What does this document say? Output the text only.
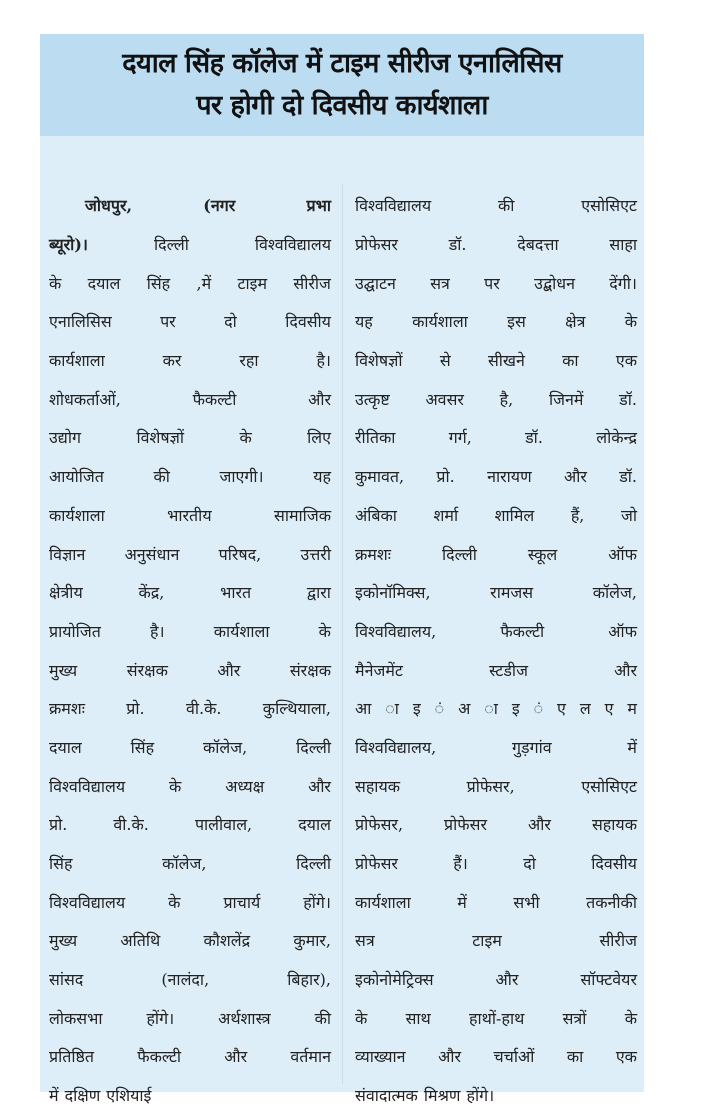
दयाल सिंह कॉलेज में टाइम सीरीज एनालिसिस
पर होगी दो दिवसीय कार्यशाला
जोधपुर,	(नगर	प्रभा
ब्यूरो)।	दिल्ली	विश्वविद्यालय
के दयाल सिंह ,में टाइम सीरीज
एनालिसिस	पर	दो	दिवसीय
कार्यशाला	कर	रहा	है।
शोधकर्ताओं,	फैकल्टी	और
उद्योग	विशेषज्ञों	के	लिए
आयोजित	की	जाएगी।	यह
कार्यशाला	भारतीय	सामाजिक
विज्ञान अनुसंधान परिषद, उत्तरी
क्षेत्रीय	केंद्र,	भारत	द्वारा
प्रायोजित	है।	कार्यशाला	के
मुख्य	संरक्षक	और	संरक्षक
क्रमशः	प्रो.	वी.के.	कुल्थियाला,
दयाल	सिंह	कॉलेज,	दिल्ली
विश्वविद्यालय	के	अध्यक्ष	और
प्रो.	वी.के.	पालीवाल,	दयाल
सिंह	कॉलेज,	दिल्ली
विश्वविद्यालय	के	प्राचार्य	होंगे।
मुख्य	अतिथि	कौशलेंद्र	कुमार,
सांसद	(नालंदा,	बिहार),
लोकसभा	होंगे।	अर्थशास्त्र	की
प्रतिष्ठित	फैकल्टी	और	वर्तमान
में दक्षिण एशियाई
विश्वविद्यालय	की	एसोसिएट
प्रोफेसर	डॉ.	देबदत्ता	साहा
उद्घाटन सत्र पर उद्बोधन देंगी।
यह कार्यशाला इस क्षेत्र के
विशेषज्ञों से सीखने का एक
उत्कृष्ट अवसर है, जिनमें डॉ.
रीतिका	गर्ग,	डॉ.	लोकेन्द्र
कुमावत, प्रो. नारायण और डॉ.
अंबिका शर्मा शामिल हैं, जो
क्रमशः	दिल्ली	स्कूल	ऑफ
इकोनॉमिक्स,	रामजस	कॉलेज,
विश्वविद्यालय,	फैकल्टी	ऑफ
मैनेजमेंट	स्टडीज	और
आ ा इ ं अ ा इ ं ए ल ए म
विश्वविद्यालय,	गुड़गांव	में
सहायक	प्रोफेसर,	एसोसिएट
प्रोफेसर,	प्रोफेसर	और	सहायक
प्रोफेसर	हैं।	दो	दिवसीय
कार्यशाला	में	सभी	तकनीकी
सत्र	टाइम	सीरीज
इकोनोमेट्रिक्स	और	सॉफ्टवेयर
के साथ हाथों-हाथ सत्रों के
व्याख्यान और चर्चाओं का एक
संवादात्मक मिश्रण होंगे।
